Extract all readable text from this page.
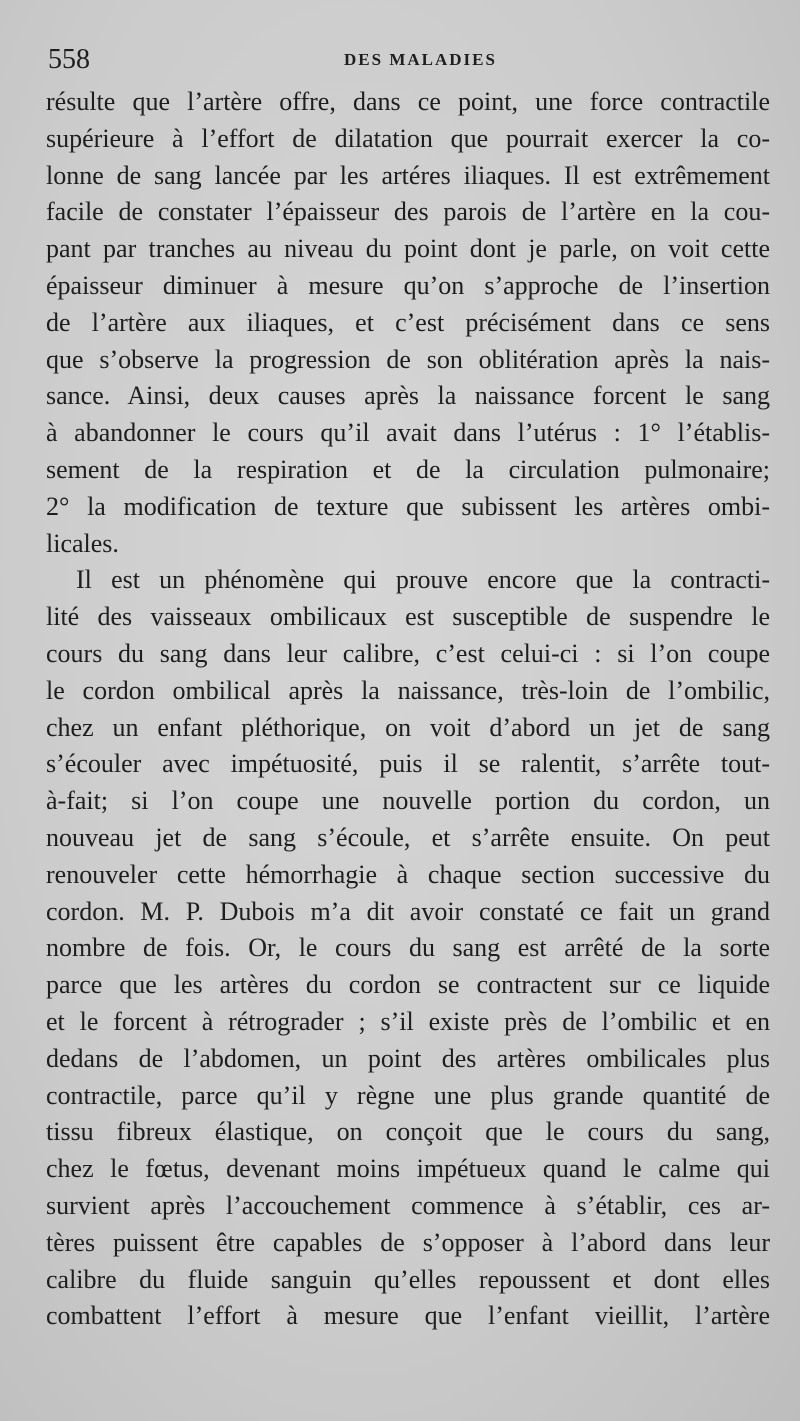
558	DES MALADIES
résulte que l’artère offre, dans ce point, une force contractile
supérieure à l’effort de dilatation que pourrait exercer la co-
lonne de sang lancée par les artéres iliaques. Il est extrêmement
facile de constater l’épaisseur des parois de l’artère en la cou-
pant par tranches au niveau du point dont je parle, on voit cette
épaisseur diminuer à mesure qu’on s’approche de l’insertion
de l’artère aux iliaques, et c’est précisément dans ce sens
que s’observe la progression de son oblitération après la nais-
sance. Ainsi, deux causes après la naissance forcent le sang
à abandonner le cours qu’il avait dans l’utérus : 1° l’établis-
sement de la respiration et de la circulation pulmonaire;
2° la modification de texture que subissent les artères ombi-
licales.
Il est un phénomène qui prouve encore que la contracti-
lité des vaisseaux ombilicaux est susceptible de suspendre le
cours du sang dans leur calibre, c’est celui-ci : si l’on coupe
le cordon ombilical après la naissance, très-loin de l’ombilic,
chez un enfant pléthorique, on voit d’abord un jet de sang
s’écouler avec impétuosité, puis il se ralentit, s’arrête tout-
à-fait; si l’on coupe une nouvelle portion du cordon, un
nouveau jet de sang s’écoule, et s’arrête ensuite. On peut
renouveler cette hémorrhagie à chaque section successive du
cordon. M. P. Dubois m’a dit avoir constaté ce fait un grand
nombre de fois. Or, le cours du sang est arrêté de la sorte
parce que les artères du cordon se contractent sur ce liquide
et le forcent à rétrograder ; s’il existe près de l’ombilic et en
dedans de l’abdomen, un point des artères ombilicales plus
contractile, parce qu’il y règne une plus grande quantité de
tissu fibreux élastique, on conçoit que le cours du sang,
chez le fœtus, devenant moins impétueux quand le calme qui
survient après l’accouchement commence à s’établir, ces ar-
tères puissent être capables de s’opposer à l’abord dans leur
calibre du fluide sanguin qu’elles repoussent et dont elles
combattent l’effort à mesure que l’enfant vieillit, l’artère
